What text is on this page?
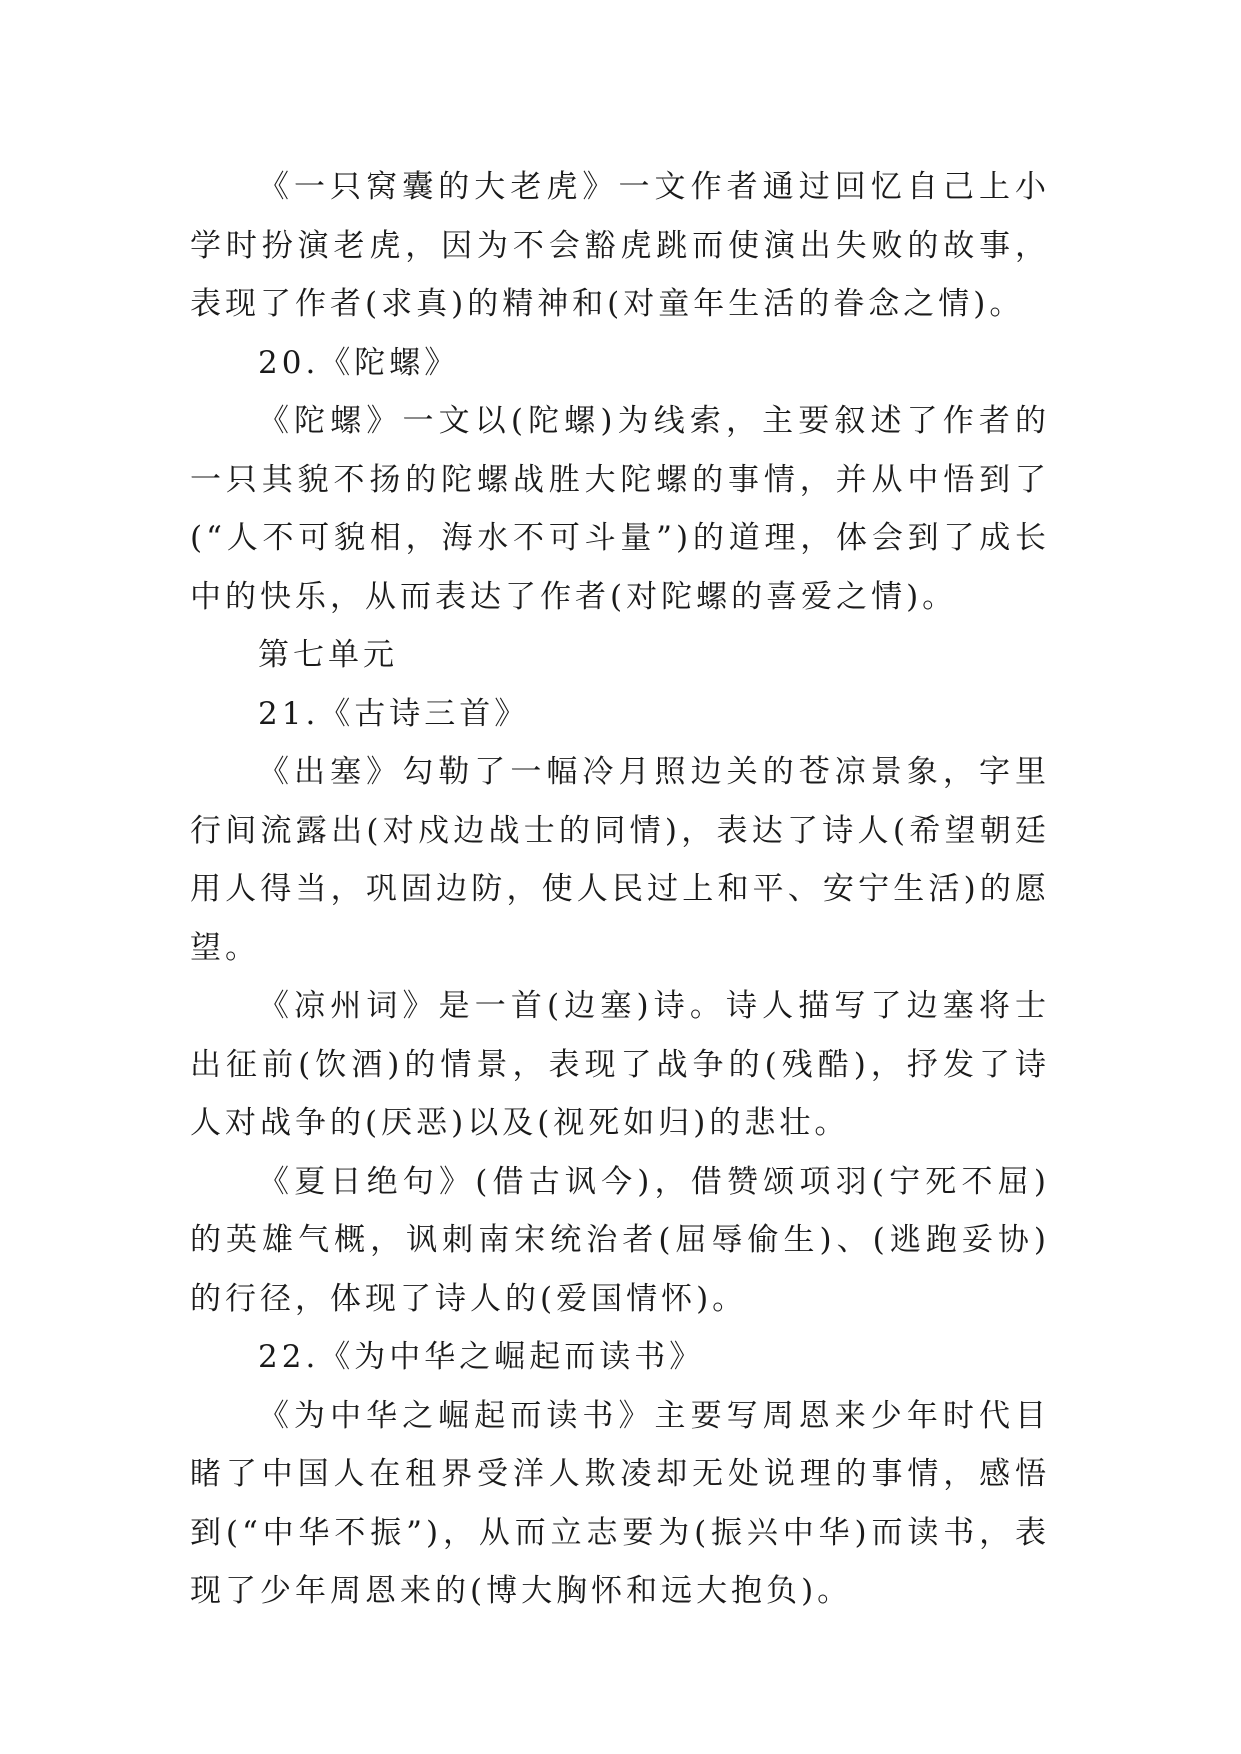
《一只窝囊的大老虎》一文作者通过回忆自己上小学时扮演老虎，因为不会豁虎跳而使演出失败的故事，表现了作者(求真)的精神和(对童年生活的眷念之情)。

20.《陀螺》

《陀螺》一文以(陀螺)为线索，主要叙述了作者的一只其貌不扬的陀螺战胜大陀螺的事情，并从中悟到了(“人不可貌相，海水不可斗量”)的道理，体会到了成长中的快乐，从而表达了作者(对陀螺的喜爱之情)。

第七单元

21.《古诗三首》

《出塞》勾勒了一幅冷月照边关的苍凉景象，字里行间流露出(对戍边战士的同情)，表达了诗人(希望朝廷用人得当，巩固边防，使人民过上和平、安宁生活)的愿望。

《凉州词》是一首(边塞)诗。诗人描写了边塞将士出征前(饮酒)的情景，表现了战争的(残酷)，抒发了诗人对战争的(厌恶)以及(视死如归)的悲壮。

《夏日绝句》(借古讽今)，借赞颂项羽(宁死不屈)的英雄气概，讽刺南宋统治者(屈辱偷生)、(逃跑妥协)的行径，体现了诗人的(爱国情怀)。

22.《为中华之崛起而读书》

《为中华之崛起而读书》主要写周恩来少年时代目睹了中国人在租界受洋人欺凌却无处说理的事情，感悟到(“中华不振”)，从而立志要为(振兴中华)而读书，表现了少年周恩来的(博大胸怀和远大抱负)。
